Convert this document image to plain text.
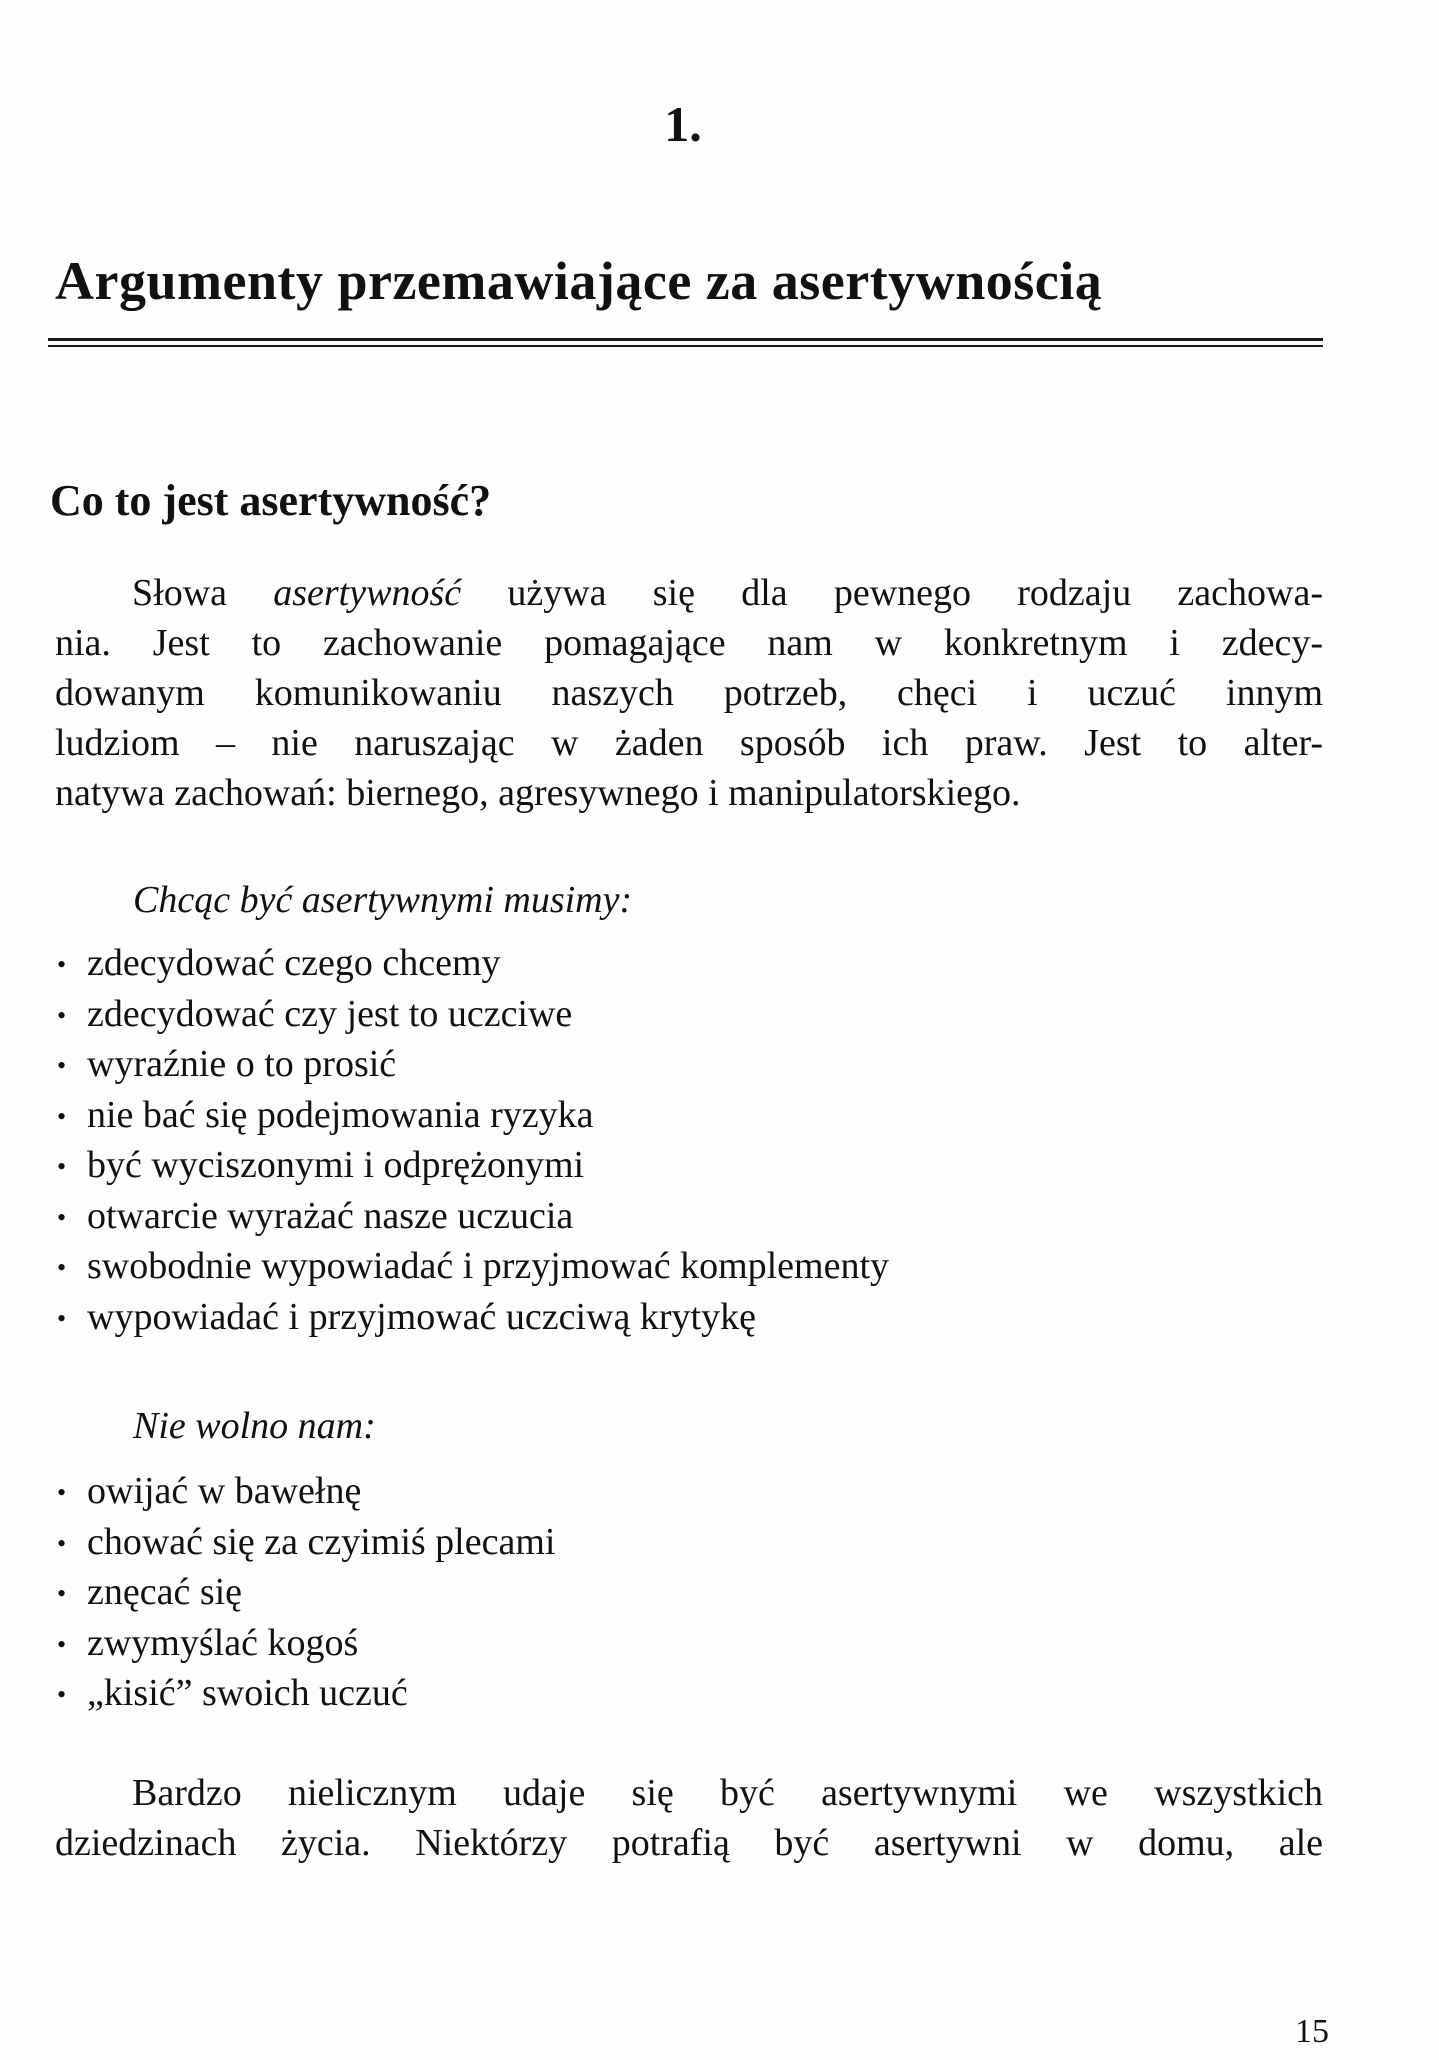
1.
Argumenty przemawiające za asertywnością
Co to jest asertywność?
Słowa asertywność używa się dla pewnego rodzaju zachowa-
nia. Jest to zachowanie pomagające nam w konkretnym i zdecy-
dowanym komunikowaniu naszych potrzeb, chęci i uczuć innym
ludziom – nie naruszając w żaden sposób ich praw. Jest to alter-
natywa zachowań: biernego, agresywnego i manipulatorskiego.
Chcąc być asertywnymi musimy:
• zdecydować czego chcemy
• zdecydować czy jest to uczciwe
• wyraźnie o to prosić
• nie bać się podejmowania ryzyka
• być wyciszonymi i odprężonymi
• otwarcie wyrażać nasze uczucia
• swobodnie wypowiadać i przyjmować komplementy
• wypowiadać i przyjmować uczciwą krytykę
Nie wolno nam:
• owijać w bawełnę
• chować się za czyimiś plecami
• znęcać się
• zwymyślać kogoś
• „kisić” swoich uczuć
Bardzo nielicznym udaje się być asertywnymi we wszystkich
dziedzinach życia. Niektórzy potrafią być asertywni w domu, ale
15
